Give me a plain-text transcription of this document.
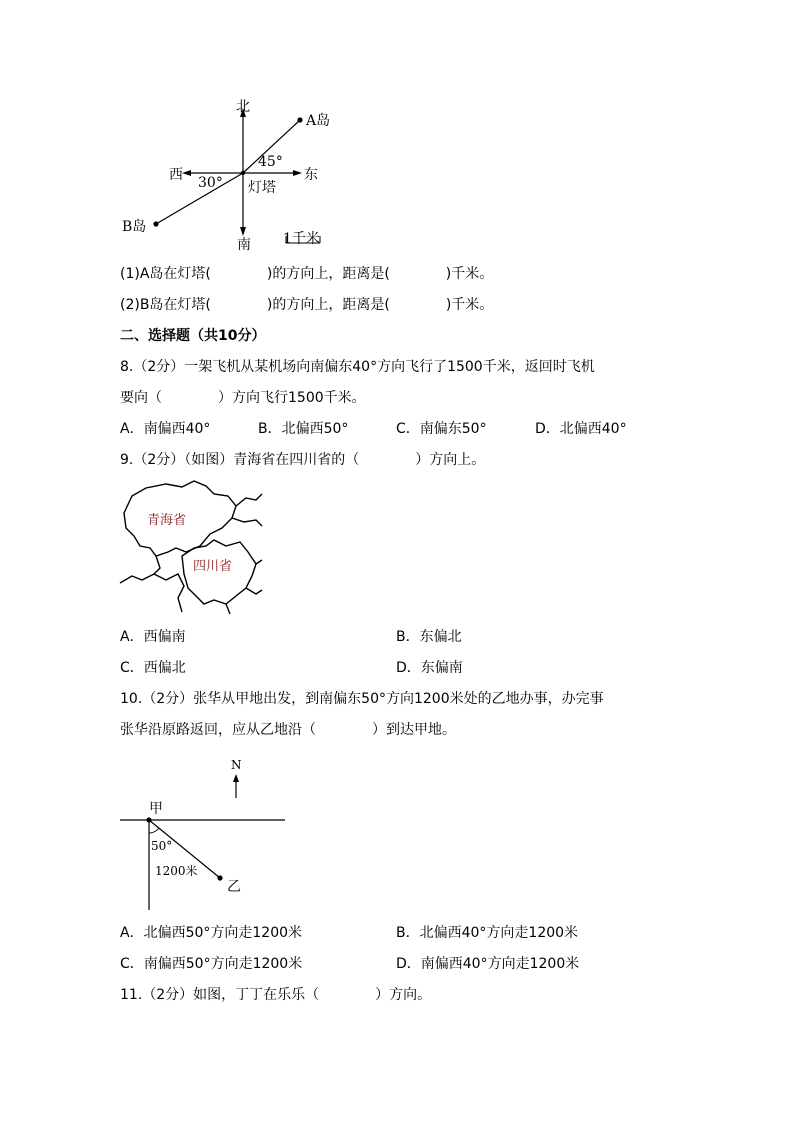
北
A岛
45°
西	东
30° 灯塔
B岛
南 1千米
(1)A岛在灯塔(　　　　)的方向上，距离是(　　　　)千米。
(2)B岛在灯塔(　　　　)的方向上，距离是(　　　　)千米。
二、选择题（共10分）
8.（2分）一架飞机从某机场向南偏东40°方向飞行了1500千米，返回时飞机
要向（　　　　）方向飞行1500千米。
A．南偏西40°	B．北偏西50°	C．南偏东50°	D．北偏西40°
9.（2分）（如图）青海省在四川省的（　　　　）方向上。
青海省
四川省
A．西偏南	B．东偏北
C．西偏北	D．东偏南
10.（2分）张华从甲地出发，到南偏东50°方向1200米处的乙地办事，办完事
张华沿原路返回，应从乙地沿（　　　　）到达甲地。
N
甲
50°
1200米
乙
A．北偏西50°方向走1200米	B．北偏西40°方向走1200米
C．南偏西50°方向走1200米	D．南偏西40°方向走1200米
11.（2分）如图，丁丁在乐乐（　　　　）方向。
